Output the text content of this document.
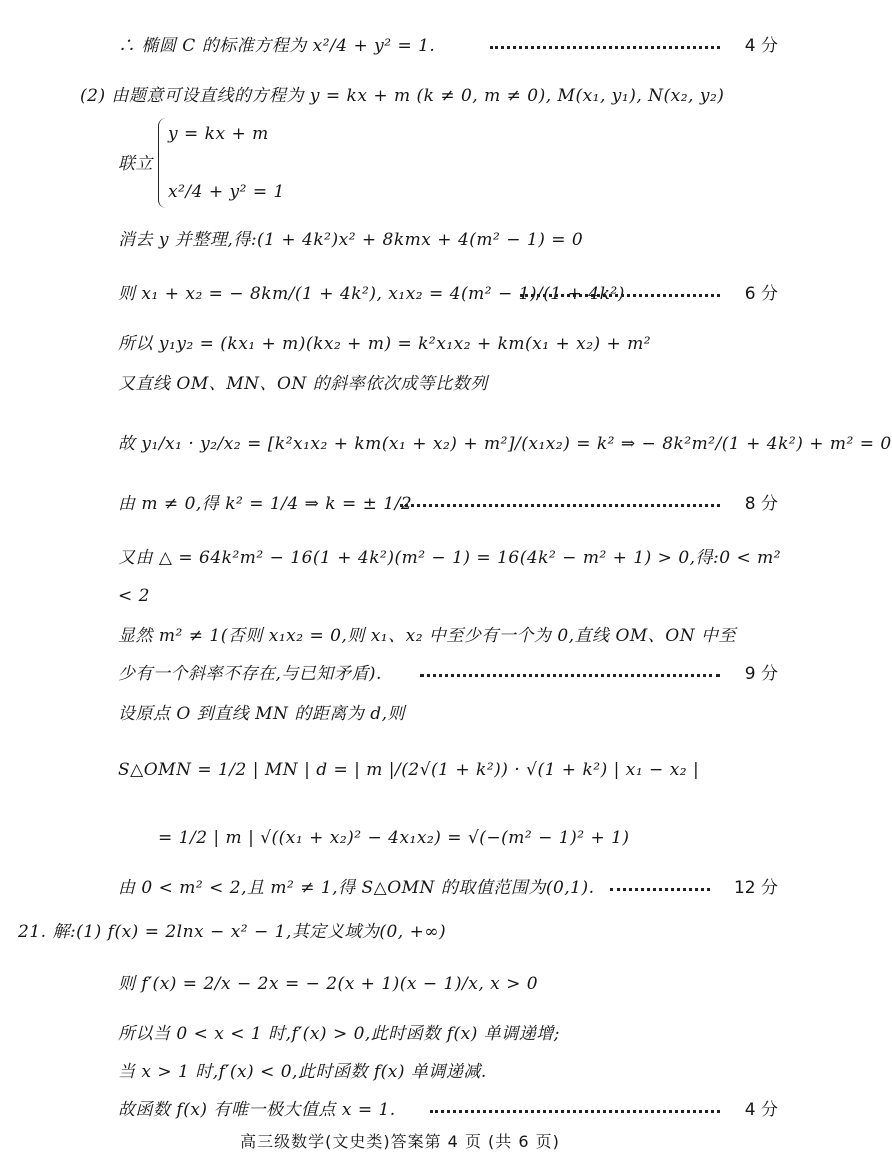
∴ 椭圆 C 的标准方程为 x²/4 + y² = 1.	4 分
(2) 由题意可设直线的方程为 y = kx + m (k ≠ 0, m ≠ 0), M(x₁, y₁), N(x₂, y₂)
y = kx + m
联立
x²/4 + y² = 1
消去 y 并整理,得:(1 + 4k²)x² + 8kmx + 4(m² − 1) = 0
则 x₁ + x₂ = − 8km/(1 + 4k²), x₁x₂ = 4(m² − 1)/(1 + 4k²)	6 分
所以 y₁y₂ = (kx₁ + m)(kx₂ + m) = k²x₁x₂ + km(x₁ + x₂) + m²
又直线 OM、MN、ON 的斜率依次成等比数列
故 y₁/x₁ · y₂/x₂ = [k²x₁x₂ + km(x₁ + x₂) + m²]/(x₁x₂) = k² ⇒ − 8k²m²/(1 + 4k²) + m² = 0
由 m ≠ 0,得 k² = 1/4 ⇒ k = ± 1/2	8 分
又由 △ = 64k²m² − 16(1 + 4k²)(m² − 1) = 16(4k² − m² + 1) > 0,得:0 < m²
< 2
显然 m² ≠ 1(否则 x₁x₂ = 0,则 x₁、x₂ 中至少有一个为 0,直线 OM、ON 中至
少有一个斜率不存在,与已知矛盾).	9 分
设原点 O 到直线 MN 的距离为 d,则
S△OMN = 1/2 | MN | d = | m |/(2√(1 + k²)) · √(1 + k²) | x₁ − x₂ |
= 1/2 | m | √((x₁ + x₂)² − 4x₁x₂) = √(−(m² − 1)² + 1)
由 0 < m² < 2,且 m² ≠ 1,得 S△OMN 的取值范围为(0,1).	12 分
21. 解:(1) f(x) = 2lnx − x² − 1,其定义域为(0, +∞)
则 f′(x) = 2/x − 2x = − 2(x + 1)(x − 1)/x, x > 0
所以当 0 < x < 1 时,f′(x) > 0,此时函数 f(x) 单调递增;
当 x > 1 时,f′(x) < 0,此时函数 f(x) 单调递减.
故函数 f(x) 有唯一极大值点 x = 1.	4 分
高三级数学(文史类)答案第 4 页 (共 6 页)
